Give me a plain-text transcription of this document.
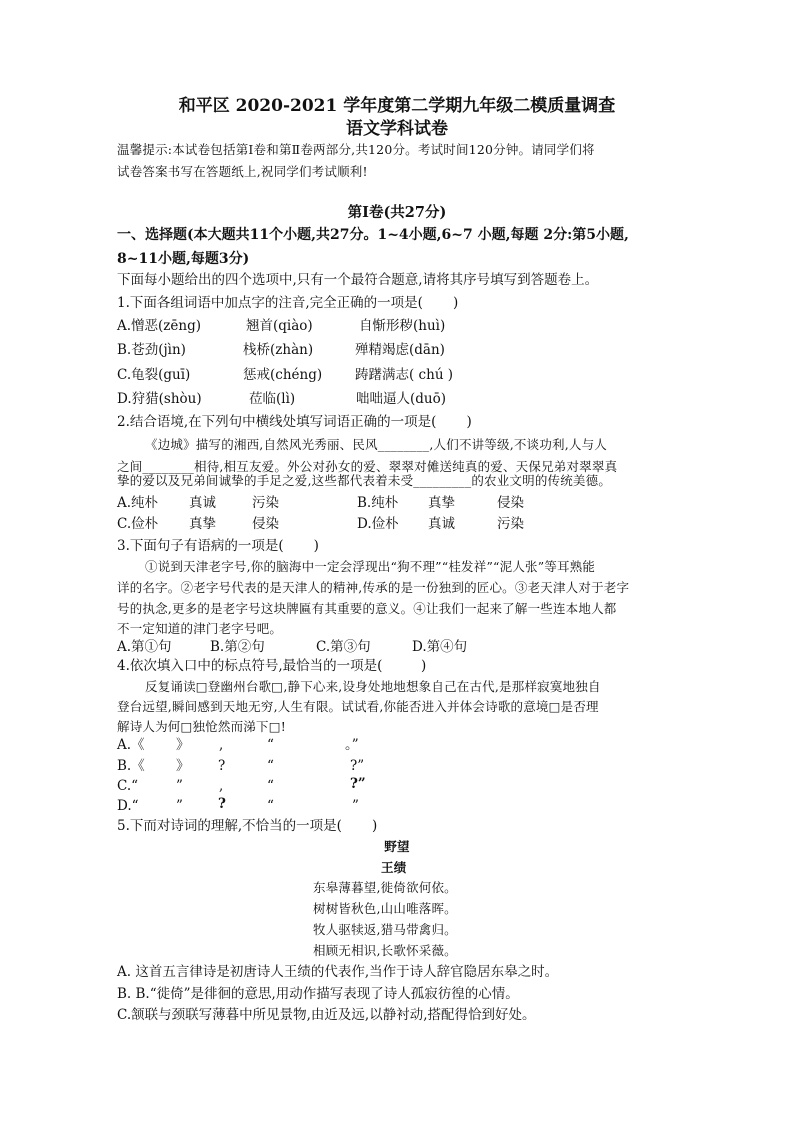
和平区 2020-2021 学年度第二学期九年级二模质量调查
语文学科试卷
温馨提示:本试卷包括第Ⅰ卷和第Ⅱ卷两部分,共120分。考试时间120分钟。请同学们将
试卷答案书写在答题纸上,祝同学们考试顺利!
第Ⅰ卷(共27分)
一、选择题(本大题共11个小题,共27分。1~4小题,6~7 小题,每题 2分:第5小题,
8~11小题,每题3分)
下面每小题给出的四个选项中,只有一个最符合题意,请将其序号填写到答题卷上。
1.下面各组词语中加点字的注音,完全正确的一项是(       )
A.憎恶(zēng)	翘首(qiào)	自惭形秽(huì)
B.苍劲(jìn)	栈桥(zhàn)	殚精竭虑(dān)
C.龟裂(guī)	惩戒(chéng) 踌躇满志( chú )
D.狩猎(shòu)	莅临(lì)	咄咄逼人(duō)
2.结合语境,在下列句中横线处填写词语正确的一项是(       )
《边城》描写的湘西,自然风光秀丽、民风________,人们不讲等级,不谈功利,人与人
之间________相待,相互友爱。外公对孙女的爱、翠翠对傩送纯真的爱、天保兄弟对翠翠真
挚的爱以及兄弟间诚挚的手足之爱,这些都代表着未受_________的农业文明的传统美德。
A.纯朴 真诚	污染	B.纯朴 真挚	侵染
C.俭朴 真挚	侵染	D.俭朴 真诚	污染
3.下面句子有语病的一项是(       )
①说到天津老字号,你的脑海中一定会浮现出“狗不理”“桂发祥”“泥人张”等耳熟能
详的名字。②老字号代表的是天津人的精神,传承的是一份独到的匠心。③老天津人对于老字
号的执念,更多的是老字号这块牌匾有其重要的意义。④让我们一起来了解一些连本地人都
不一定知道的津门老字号吧。
A.第①句	B.第②句	C.第③句	D.第④句
4.依次填入口中的标点符号,最恰当的一项是(         )
反复诵读□登幽州台歌□,静下心来,设身处地地想象自己在古代,是那样寂寞地独自
登台远望,瞬间感到天地无穷,人生有限。试试看,你能否进入并体会诗歌的意境□是否理
解诗人为何□独怆然而涕下□!
A.《 》 ,	“	。”
B.《 》 ?	“	?”
C.“	”	,	“	?”
D.“	”	?	“	”
5.下而对诗词的理解,不恰当的一项是(       )
野望
王绩
东皋薄暮望,徙倚欲何依。
树树皆秋色,山山唯落晖。
牧人驱犊返,猎马带禽归。
相顾无相识,长歌怀采薇。
A. 这首五言律诗是初唐诗人王绩的代表作,当作于诗人辞官隐居东皋之时。
B. B.“徙倚”是徘徊的意思,用动作描写表现了诗人孤寂彷徨的心情。
C.颔联与颈联写薄暮中所见景物,由近及远,以静衬动,搭配得恰到好处。
